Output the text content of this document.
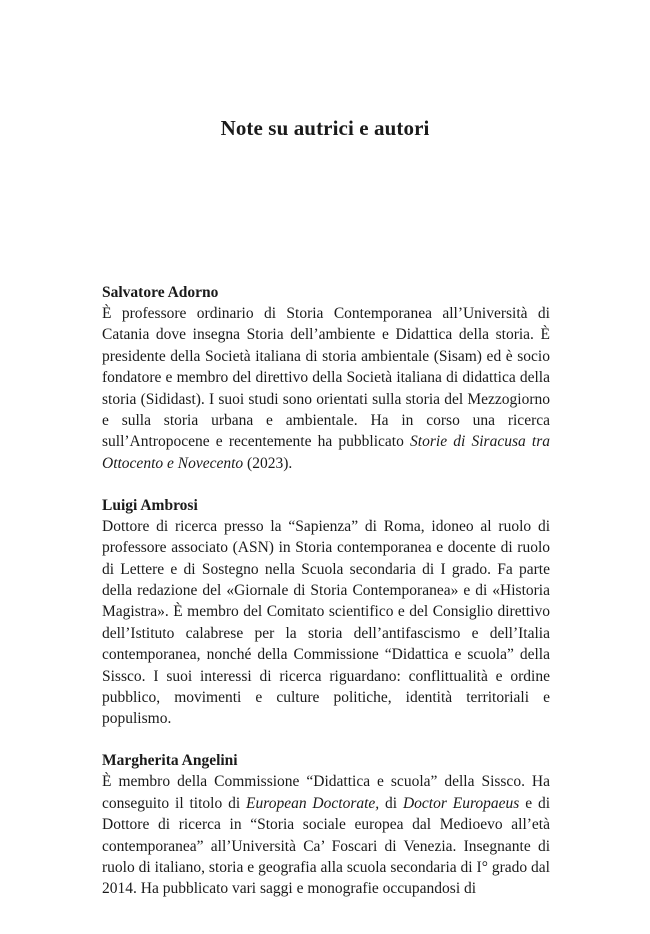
Note su autrici e autori

Salvatore Adorno

È professore ordinario di Storia Contemporanea all’Università di Catania dove insegna Storia dell’ambiente e Didattica della storia. È presidente della Società italiana di storia ambientale (Sisam) ed è socio fondatore e membro del direttivo della Società italiana di didattica della storia (Sididast). I suoi studi sono orientati sulla storia del Mezzogiorno e sulla storia urbana e ambientale. Ha in corso una ricerca sull’Antropocene e recentemente ha pubblicato Storie di Siracusa tra Ottocento e Novecento (2023).

Luigi Ambrosi

Dottore di ricerca presso la “Sapienza” di Roma, idoneo al ruolo di professore associato (ASN) in Storia contemporanea e docente di ruolo di Lettere e di Sostegno nella Scuola secondaria di I grado. Fa parte della redazione del «Giornale di Storia Contemporanea» e di «Historia Magistra». È membro del Comitato scientifico e del Consiglio direttivo dell’Istituto calabrese per la storia dell’antifascismo e dell’Italia contemporanea, nonché della Commissione “Didattica e scuola” della Sissco. I suoi interessi di ricerca riguardano: conflittualità e ordine pubblico, movimenti e culture politiche, identità territoriali e populismo.

Margherita Angelini

È membro della Commissione “Didattica e scuola” della Sissco. Ha conseguito il titolo di European Doctorate, di Doctor Europaeus e di Dottore di ricerca in “Storia sociale europea dal Medioevo all’età contemporanea” all’Università Ca’ Foscari di Venezia. Insegnante di ruolo di italiano, storia e geografia alla scuola secondaria di I° grado dal 2014. Ha pubblicato vari saggi e monografie occupandosi di
